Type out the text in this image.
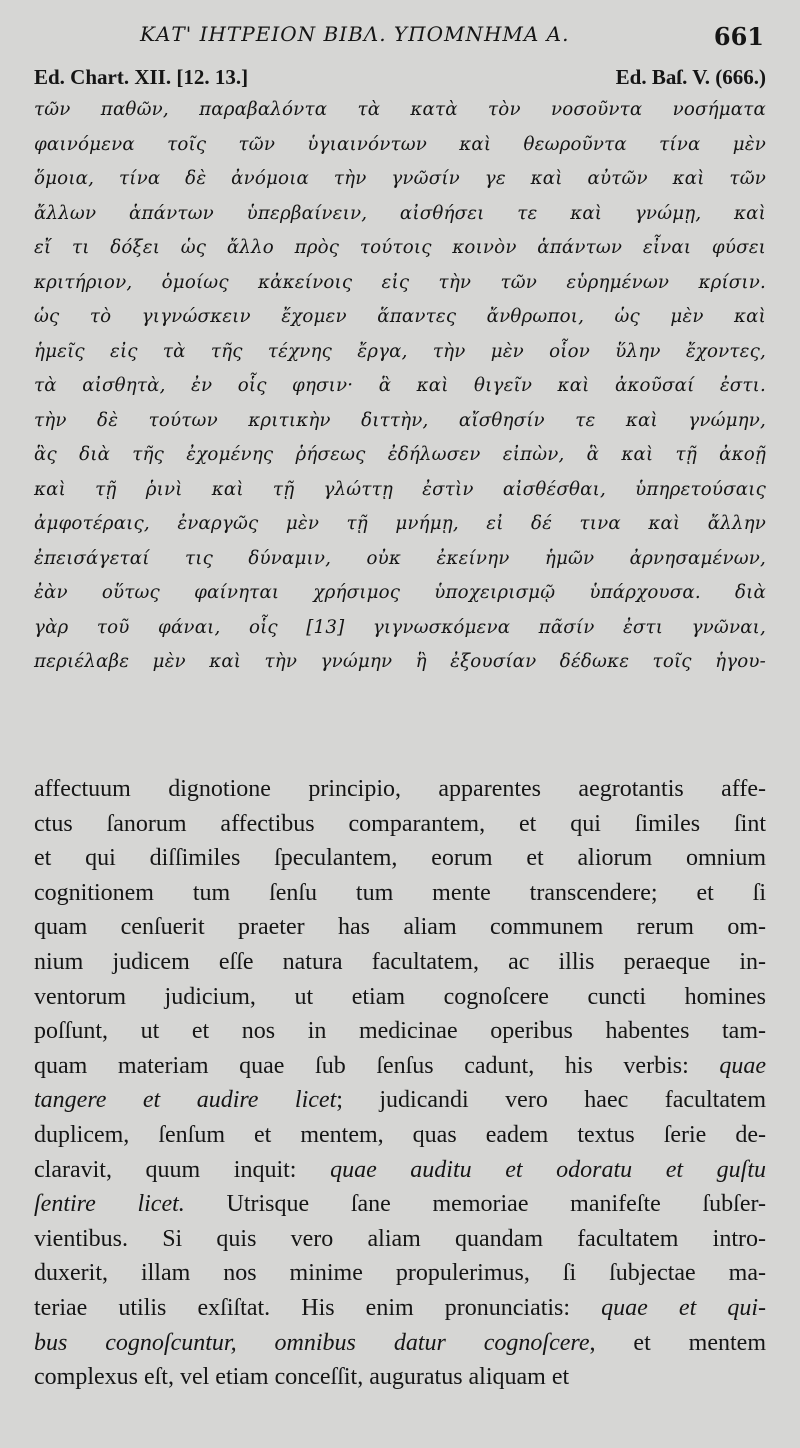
ΚΑΤ' ΙΗΤΡΕΙΟΝ ΒΙΒΛ. ΥΠΟΜΝΗΜΑ Α.	661
Ed. Chart. XII. [12. 13.]	Ed. Baſ. V. (666.)
τῶν παθῶν, παραβαλόντα τὰ κατὰ τὸν νοσοῦντα νοσήματα
φαινόμενα τοῖς τῶν ὑγιαινόντων καὶ θεωροῦντα τίνα μὲν
ὅμοια, τίνα δὲ ἀνόμοια τὴν γνῶσίν γε καὶ αὐτῶν καὶ τῶν
ἄλλων ἁπάντων ὑπερβαίνειν, αἰσθήσει τε καὶ γνώμῃ, καὶ
εἴ τι δόξει ὡς ἄλλο πρὸς τούτοις κοινὸν ἁπάντων εἶναι φύσει
κριτήριον, ὁμοίως κἀκείνοις εἰς τὴν τῶν εὑρημένων κρίσιν.
ὡς τὸ γιγνώσκειν ἔχομεν ἅπαντες ἄνθρωποι, ὡς μὲν καὶ
ἡμεῖς εἰς τὰ τῆς τέχνης ἔργα, τὴν μὲν οἷον ὕλην ἔχοντες,
τὰ αἰσθητὰ, ἐν οἷς φησιν· ἃ καὶ θιγεῖν καὶ ἀκοῦσαί ἐστι.
τὴν δὲ τούτων κριτικὴν διττὴν, αἴσθησίν τε καὶ γνώμην,
ἃς διὰ τῆς ἐχομένης ῥήσεως ἐδήλωσεν εἰπὼν, ἃ καὶ τῇ ἀκοῇ
καὶ τῇ ῥινὶ καὶ τῇ γλώττῃ ἐστὶν αἰσθέσθαι, ὑπηρετούσαις
ἀμφοτέραις, ἐναργῶς μὲν τῇ μνήμῃ, εἰ δέ τινα καὶ ἄλλην
ἐπεισάγεταί τις δύναμιν, οὐκ ἐκείνην ἡμῶν ἀρνησαμένων,
ἐὰν οὕτως φαίνηται χρήσιμος ὑποχειρισμῷ ὑπάρχουσα. διὰ
γὰρ τοῦ φάναι, οἷς [13] γιγνωσκόμενα πᾶσίν ἐστι γνῶναι,
περιέλαβε μὲν καὶ τὴν γνώμην ἣ ἐξουσίαν δέδωκε τοῖς ἡγου-
affectuum dignotione principio, apparentes aegrotantis affe-
ctus ſanorum affectibus comparantem, et qui ſimiles ſint
et qui diſſimiles ſpeculantem, eorum et aliorum omnium
cognitionem tum ſenſu tum mente transcendere; et ſi
quam cenſuerit praeter has aliam communem rerum om-
nium judicem eſſe natura facultatem, ac illis peraeque in-
ventorum judicium, ut etiam cognoſcere cuncti homines
poſſunt, ut et nos in medicinae operibus habentes tam-
quam materiam quae ſub ſenſus cadunt, his verbis: quae
tangere et audire licet; judicandi vero haec facultatem
duplicem, ſenſum et mentem, quas eadem textus ſerie de-
claravit, quum inquit: quae auditu et odoratu et guſtu
ſentire licet. Utrisque ſane memoriae manifeſte ſubſer-
vientibus. Si quis vero aliam quandam facultatem intro-
duxerit, illam nos minime propulerimus, ſi ſubjectae ma-
teriae utilis exſiſtat. His enim pronunciatis: quae et qui-
bus cognoſcuntur, omnibus datur cognoſcere, et mentem
complexus eſt, vel etiam conceſſit, auguratus aliquam et
